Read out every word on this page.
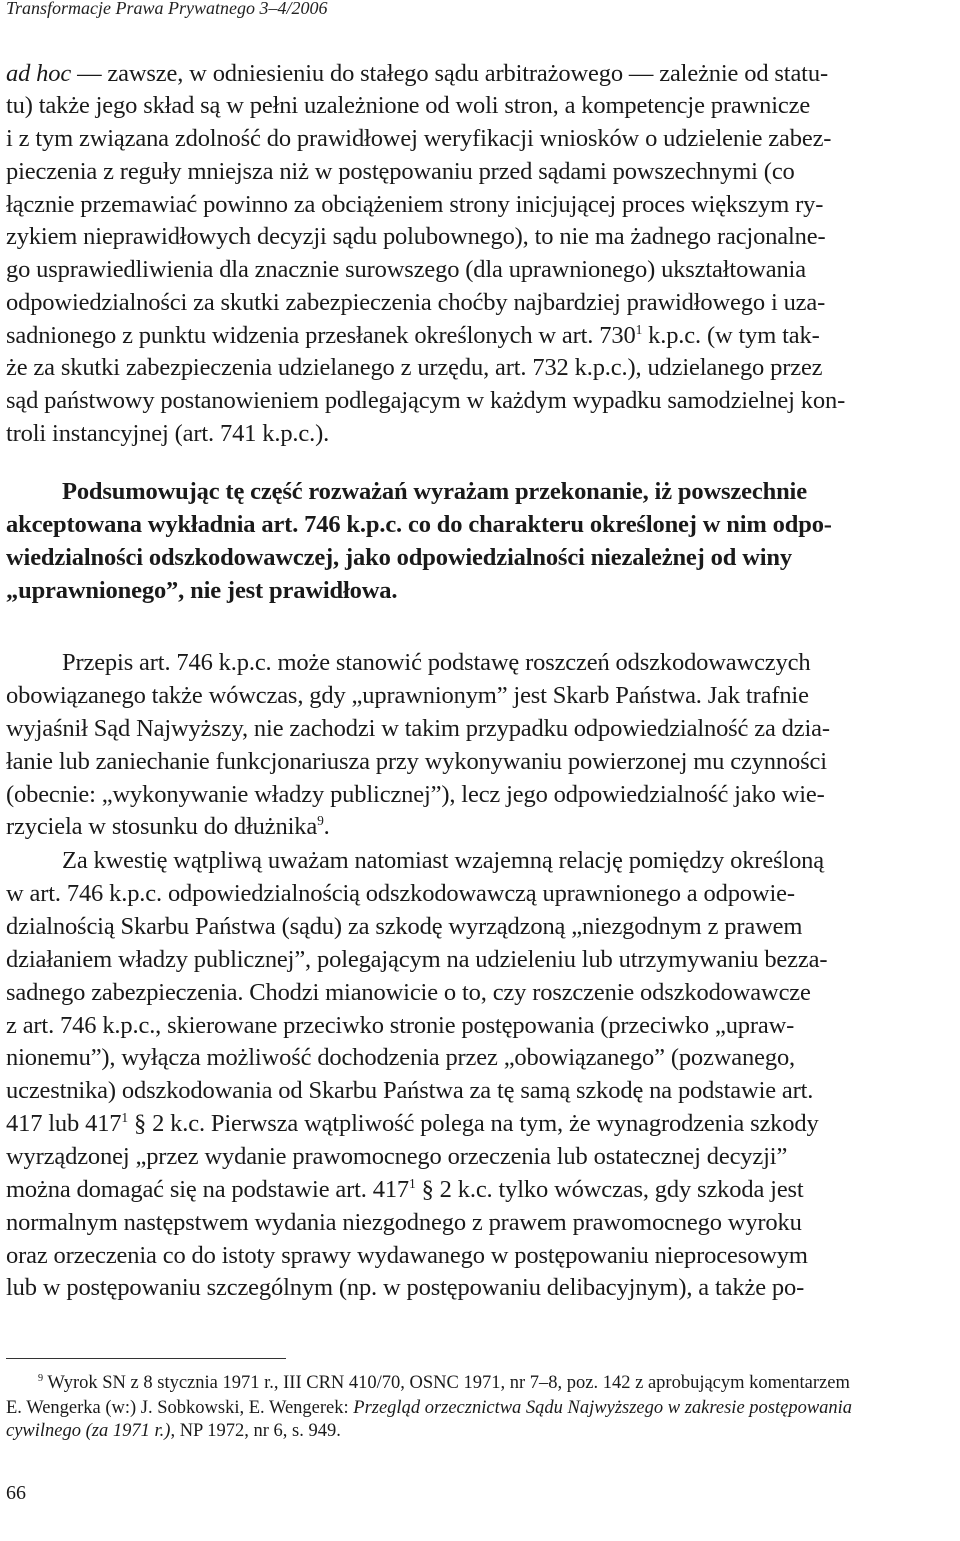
Transformacje Prawa Prywatnego 3–4/2006
ad hoc — zawsze, w odniesieniu do stałego sądu arbitrażowego — zależnie od statu-
tu) także jego skład są w pełni uzależnione od woli stron, a kompetencje prawnicze
i z tym związana zdolność do prawidłowej weryfikacji wniosków o udzielenie zabez-
pieczenia z reguły mniejsza niż w postępowaniu przed sądami powszechnymi (co
łącznie przemawiać powinno za obciążeniem strony inicjującej proces większym ry-
zykiem nieprawidłowych decyzji sądu polubownego), to nie ma żadnego racjonalne-
go usprawiedliwienia dla znacznie surowszego (dla uprawnionego) ukształtowania
odpowiedzialności za skutki zabezpieczenia choćby najbardziej prawidłowego i uza-
sadnionego z punktu widzenia przesłanek określonych w art. $730^1$ k.p.c. (w tym tak-
że za skutki zabezpieczenia udzielanego z urzędu, art. 732 k.p.c.), udzielanego przez
sąd państwowy postanowieniem podlegającym w każdym wypadku samodzielnej kon-
troli instancyjnej (art. 741 k.p.c.).
Podsumowując tę część rozważań wyrażam przekonanie, iż powszechnie
akceptowana wykładnia art. 746 k.p.c. co do charakteru określonej w nim odpo-
wiedzialności odszkodowawczej, jako odpowiedzialności niezależnej od winy
„uprawnionego”, nie jest prawidłowa.
Przepis art. 746 k.p.c. może stanowić podstawę roszczeń odszkodowawczych
obowiązanego także wówczas, gdy „uprawnionym” jest Skarb Państwa. Jak trafnie
wyjaśnił Sąd Najwyższy, nie zachodzi w takim przypadku odpowiedzialność za dzia-
łanie lub zaniechanie funkcjonariusza przy wykonywaniu powierzonej mu czynności
(obecnie: „wykonywanie władzy publicznej”), lecz jego odpowiedzialność jako wie-
rzyciela w stosunku do dłużnika$^9$.
Za kwestię wątpliwą uważam natomiast wzajemną relację pomiędzy określoną
w art. 746 k.p.c. odpowiedzialnością odszkodowawczą uprawnionego a odpowie-
dzialnością Skarbu Państwa (sądu) za szkodę wyrządzoną „niezgodnym z prawem
działaniem władzy publicznej”, polegającym na udzieleniu lub utrzymywaniu bezza-
sadnego zabezpieczenia. Chodzi mianowicie o to, czy roszczenie odszkodowawcze
z art. 746 k.p.c., skierowane przeciwko stronie postępowania (przeciwko „upraw-
nionemu”), wyłącza możliwość dochodzenia przez „obowiązanego” (pozwanego,
uczestnika) odszkodowania od Skarbu Państwa za tę samą szkodę na podstawie art.
417 lub $417^1$ § 2 k.c. Pierwsza wątpliwość polega na tym, że wynagrodzenia szkody
wyrządzonej „przez wydanie prawomocnego orzeczenia lub ostatecznej decyzji”
można domagać się na podstawie art. $417^1$ § 2 k.c. tylko wówczas, gdy szkoda jest
normalnym następstwem wydania niezgodnego z prawem prawomocnego wyroku
oraz orzeczenia co do istoty sprawy wydawanego w postępowaniu nieprocesowym
lub w postępowaniu szczególnym (np. w postępowaniu delibacyjnym), a także po-
$^9$ Wyrok SN z 8 stycznia 1971 r., III CRN 410/70, OSNC 1971, nr 7–8, poz. 142 z aprobującym komentarzem
E. Wengerka (w:) J. Sobkowski, E. Wengerek: Przegląd orzecznictwa Sądu Najwyższego w zakresie postępowania
cywilnego (za 1971 r.), NP 1972, nr 6, s. 949.
66
